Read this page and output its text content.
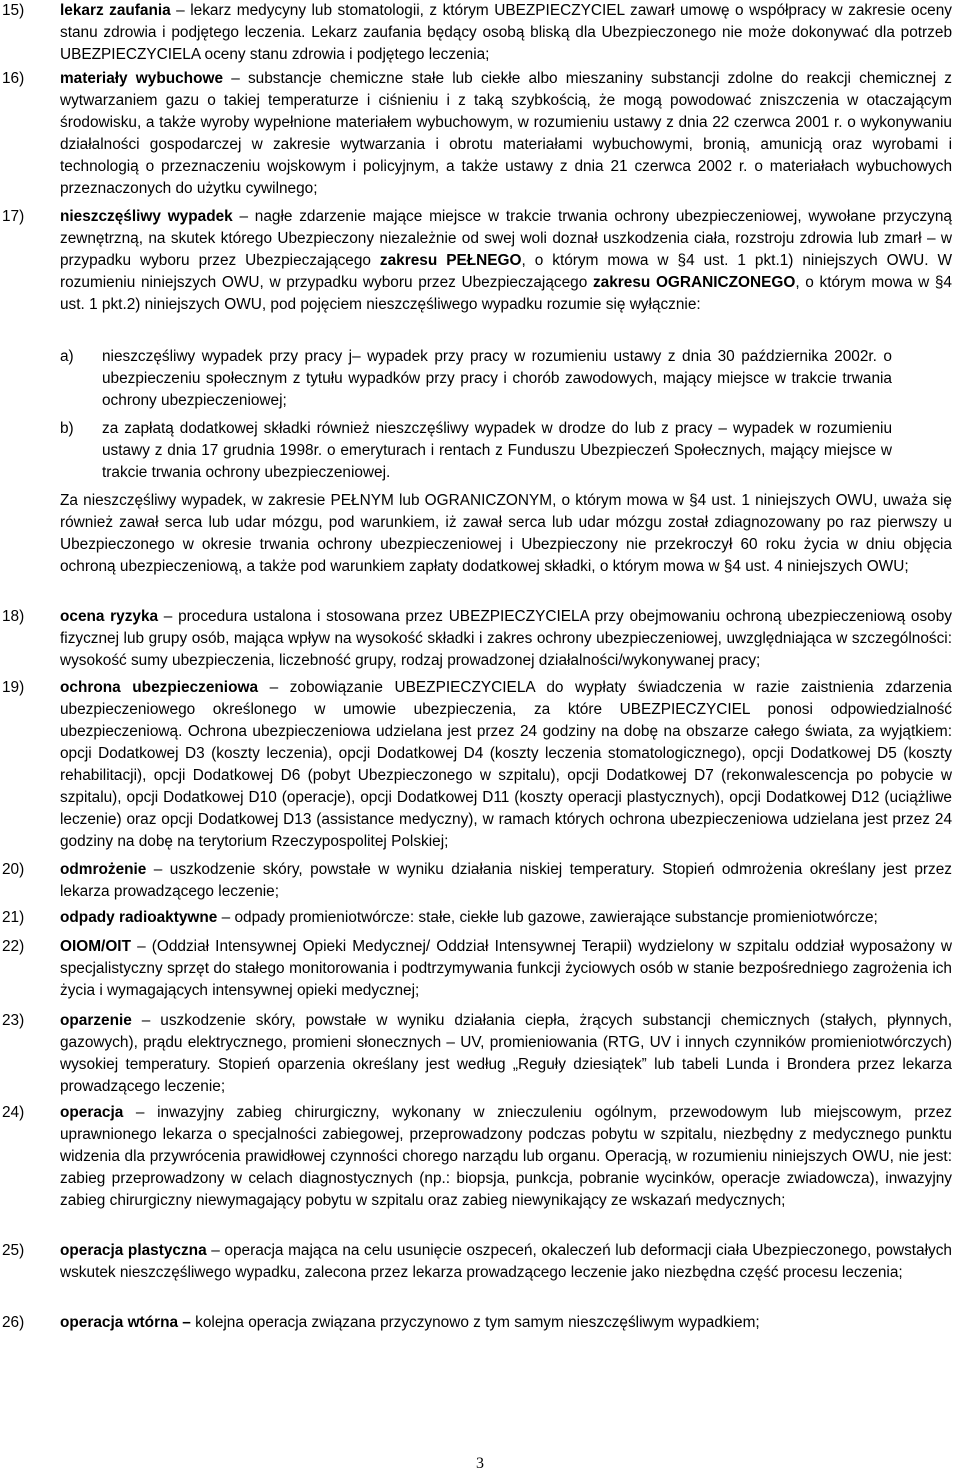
15) lekarz zaufania – lekarz medycyny lub stomatologii, z którym UBEZPIECZYCIEL zawarł umowę o współpracy w zakresie oceny stanu zdrowia i podjętego leczenia. Lekarz zaufania będący osobą bliską dla Ubezpieczonego nie może dokonywać dla potrzeb UBEZPIECZYCIELA oceny stanu zdrowia i podjętego leczenia;
16) materiały wybuchowe – substancje chemiczne stałe lub ciekłe albo mieszaniny substancji zdolne do reakcji chemicznej z wytwarzaniem gazu o takiej temperaturze i ciśnieniu i z taką szybkością, że mogą powodować zniszczenia w otaczającym środowisku, a także wyroby wypełnione materiałem wybuchowym, w rozumieniu ustawy z dnia 22 czerwca 2001 r. o wykonywaniu działalności gospodarczej w zakresie wytwarzania i obrotu materiałami wybuchowymi, bronią, amunicją oraz wyrobami i technologią o przeznaczeniu wojskowym i policyjnym, a także ustawy z dnia 21 czerwca 2002 r. o materiałach wybuchowych przeznaczonych do użytku cywilnego;
17) nieszczęśliwy wypadek – nagłe zdarzenie mające miejsce w trakcie trwania ochrony ubezpieczeniowej, wywołane przyczyną zewnętrzną, na skutek którego Ubezpieczony niezależnie od swej woli doznał uszkodzenia ciała, rozstroju zdrowia lub zmarł – w przypadku wyboru przez Ubezpieczającego zakresu PEŁNEGO, o którym mowa w §4 ust. 1 pkt.1) niniejszych OWU. W rozumieniu niniejszych OWU, w przypadku wyboru przez Ubezpieczającego zakresu OGRANICZONEGO, o którym mowa w §4 ust. 1 pkt.2) niniejszych OWU, pod pojęciem nieszczęśliwego wypadku rozumie się wyłącznie:
a) nieszczęśliwy wypadek przy pracy j– wypadek przy pracy w rozumieniu ustawy z dnia 30 października 2002r. o ubezpieczeniu społecznym z tytułu wypadków przy pracy i chorób zawodowych, mający miejsce w trakcie trwania ochrony ubezpieczeniowej;
b) za zapłatą dodatkowej składki również nieszczęśliwy wypadek w drodze do lub z pracy – wypadek w rozumieniu ustawy z dnia 17 grudnia 1998r. o emeryturach i rentach z Funduszu Ubezpieczeń Społecznych, mający miejsce w trakcie trwania ochrony ubezpieczeniowej.
Za nieszczęśliwy wypadek, w zakresie PEŁNYM lub OGRANICZONYM, o którym mowa w §4 ust. 1 niniejszych OWU, uważa się również zawał serca lub udar mózgu, pod warunkiem, iż zawał serca lub udar mózgu został zdiagnozowany po raz pierwszy u Ubezpieczonego w okresie trwania ochrony ubezpieczeniowej i Ubezpieczony nie przekroczył 60 roku życia w dniu objęcia ochroną ubezpieczeniową, a także pod warunkiem zapłaty dodatkowej składki, o którym mowa w §4 ust. 4 niniejszych OWU;
18) ocena ryzyka – procedura ustalona i stosowana przez UBEZPIECZYCIELA przy obejmowaniu ochroną ubezpieczeniową osoby fizycznej lub grupy osób, mająca wpływ na wysokość składki i zakres ochrony ubezpieczeniowej, uwzględniająca w szczególności: wysokość sumy ubezpieczenia, liczebność grupy, rodzaj prowadzonej działalności/wykonywanej pracy;
19) ochrona ubezpieczeniowa – zobowiązanie UBEZPIECZYCIELA do wypłaty świadczenia w razie zaistnienia zdarzenia ubezpieczeniowego określonego w umowie ubezpieczenia, za które UBEZPIECZYCIEL ponosi odpowiedzialność ubezpieczeniową. Ochrona ubezpieczeniowa udzielana jest przez 24 godziny na dobę na obszarze całego świata, za wyjątkiem: opcji Dodatkowej D3 (koszty leczenia), opcji Dodatkowej D4 (koszty leczenia stomatologicznego), opcji Dodatkowej D5 (koszty rehabilitacji), opcji Dodatkowej D6 (pobyt Ubezpieczonego w szpitalu), opcji Dodatkowej D7 (rekonwalescencja po pobycie w szpitalu), opcji Dodatkowej D10 (operacje), opcji Dodatkowej D11 (koszty operacji plastycznych), opcji Dodatkowej D12 (uciążliwe leczenie) oraz opcji Dodatkowej D13 (assistance medyczny), w ramach których ochrona ubezpieczeniowa udzielana jest przez 24 godziny na dobę na terytorium Rzeczypospolitej Polskiej;
20) odmrożenie – uszkodzenie skóry, powstałe w wyniku działania niskiej temperatury. Stopień odmrożenia określany jest przez lekarza prowadzącego leczenie;
21) odpady radioaktywne – odpady promieniotwórcze: stałe, ciekłe lub gazowe, zawierające substancje promieniotwórcze;
22) OIOM/OIT – (Oddział Intensywnej Opieki Medycznej/ Oddział Intensywnej Terapii) wydzielony w szpitalu oddział wyposażony w specjalistyczny sprzęt do stałego monitorowania i podtrzymywania funkcji życiowych osób w stanie bezpośredniego zagrożenia ich życia i wymagających intensywnej opieki medycznej;
23) oparzenie – uszkodzenie skóry, powstałe w wyniku działania ciepła, żrących substancji chemicznych (stałych, płynnych, gazowych), prądu elektrycznego, promieni słonecznych – UV, promieniowania (RTG, UV i innych czynników promieniotwórczych) wysokiej temperatury. Stopień oparzenia określany jest według „Reguły dziesiątek” lub tabeli Lunda i Brondera przez lekarza prowadzącego leczenie;
24) operacja – inwazyjny zabieg chirurgiczny, wykonany w znieczuleniu ogólnym, przewodowym lub miejscowym, przez uprawnionego lekarza o specjalności zabiegowej, przeprowadzony podczas pobytu w szpitalu, niezbędny z medycznego punktu widzenia dla przywrócenia prawidłowej czynności chorego narządu lub organu. Operacją, w rozumieniu niniejszych OWU, nie jest: zabieg przeprowadzony w celach diagnostycznych (np.: biopsja, punkcja, pobranie wycinków, operacje zwiadowcza), inwazyjny zabieg chirurgiczny niewymagający pobytu w szpitalu oraz zabieg niewynikający ze wskazań medycznych;
25) operacja plastyczna – operacja mająca na celu usunięcie oszpeceń, okaleczeń lub deformacji ciała Ubezpieczonego, powstałych wskutek nieszczęśliwego wypadku, zalecona przez lekarza prowadzącego leczenie jako niezbędna część procesu leczenia;
26) operacja wtórna – kolejna operacja związana przyczynowo z tym samym nieszczęśliwym wypadkiem;
3
